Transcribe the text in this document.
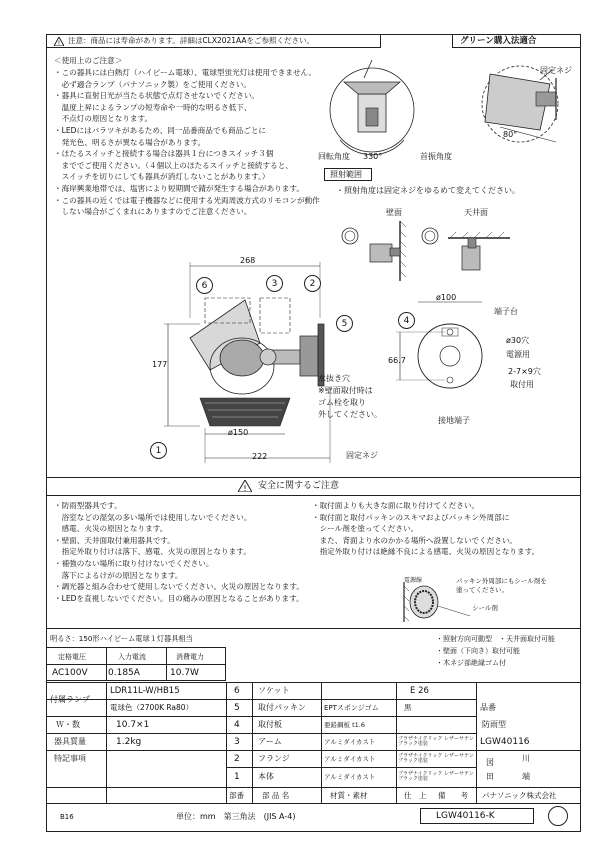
! 注意：商品には寿命があります。詳細はCLX2021AAをご参照ください。	グリーン購入法適合
＜使用上のご注意＞
・この器具には白熱灯（ハイビーム電球）、電球型蛍光灯は使用できません。
　必ず適合ランプ（パナソニック製）をご使用ください。
・器具に直射日光が当たる状態で点灯させないでください。
　温度上昇によるランプの短寿命や一時的な明るさ低下、
　不点灯の原因となります。
・LEDにはバラツキがあるため、同一品番商品でも商品ごとに
　発光色、明るさが異なる場合があります。
・ほたるスイッチと接続する場合は器具１台につきスイッチ３個
　まででご使用ください。（４個以上のほたるスイッチと接続すると、
　スイッチを切りにしても器具が消灯しないことがあります。）
・海岸興業地帯では、塩害により短期間で錆が発生する場合があります。
・この器具の近くでは電子機器などに使用する光両周波方式のリモコンが動作
　しない場合がごくまれにありますのでご注意ください。
固定ネジ
80°
330°
回転角度	首振角度
照射範囲
・照射角度は固定ネジをゆるめて変えてください。
壁面	天井面
268
177
ø150
222
6	3	2
5
1
水抜き穴
※壁面取付時は
ゴム栓を取り
外してください。
固定ネジ
ø100
4
端子台
ø30穴
電源用
66.7
2-7×9穴
取付用
接地端子
! 安全に関するご注意
・防雨型器具です。
　浴室などの湿気の多い場所では使用しないでください。
　感電、火災の原因となります。
・壁面、天井面取付兼用器具です。
　指定外取り付けは落下、感電、火災の原因となります。
・補強のない場所に取り付けないでください。
　落下によるけがの原因となります。
・調光器と組み合わせて使用しないでください。火災の原因となります。
・LEDを直視しないでください。目の痛みの原因となることがあります。
・取付面よりも大きな面に取り付けてください。
・取付面と取付パッキンのスキマおよびパッキン外周部に
　シール剤を塗ってください。
　また、背面より水のかかる場所へ設置しないでください。
　指定外取り付けは絶縁不良による感電、火災の原因となります。
電源線	パッキン外周部にもシール剤を
塗ってください。
シール剤
明るさ：150形ハイビーム電球１灯器具相当
定格電圧	入力電流	消費電力
AC100V 0.185A	10.7W
・照射方向可動型　・天井面取付可能
・壁面（下向き）取付可能
・木ネジ部絶縁ゴム付
付属ランプ
LDR11L-W/HB15
電球色（2700K Ra80）
Ｗ・数	10.7×1
器具質量	1.2kg
特記事項
6 ソケット	E 26
5 取付パッキン	EPTスポンジゴム	黒
4 取付板	亜鉛鋼板 t1.6
3 アーム	アルミダイカスト	ブラザナイクリック レザーサテンブラック塗装
2 フランジ	アルミダイカスト	ブラザナイクリック レザーサテンブラック塗装
1 本体	アルミダイカスト	ブラザナイクリック レザーサテンブラック塗装
部番 部 品 名	材質・素材	仕　上 備　　考
品番
防雨型
LGW40116
図	川
田	端
パナソニック株式会社
B16	単位：mm　第三角法　(JIS A-4)	LGW40116-K
